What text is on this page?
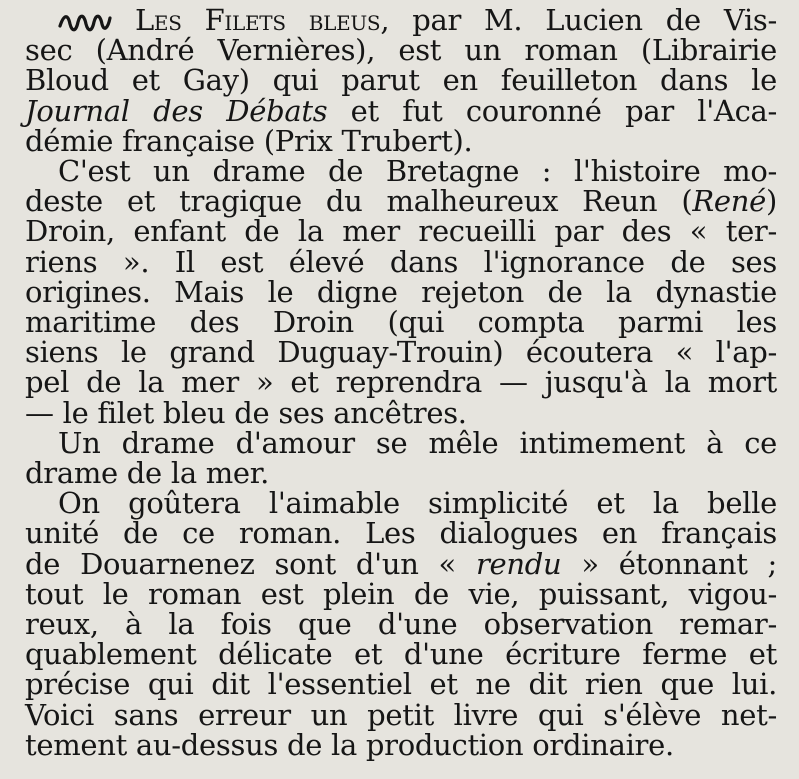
Les Filets bleus, par M. Lucien de Vis-
sec (André Vernières), est un roman (Librairie
Bloud et Gay) qui parut en feuilleton dans le
Journal des Débats et fut couronné par l'Aca-
démie française (Prix Trubert).
C'est un drame de Bretagne : l'histoire mo-
deste et tragique du malheureux Reun (René)
Droin, enfant de la mer recueilli par des « ter-
riens ». Il est élevé dans l'ignorance de ses
origines. Mais le digne rejeton de la dynastie
maritime des Droin (qui compta parmi les
siens le grand Duguay-Trouin) écoutera « l'ap-
pel de la mer » et reprendra — jusqu'à la mort
— le filet bleu de ses ancêtres.
Un drame d'amour se mêle intimement à ce
drame de la mer.
On goûtera l'aimable simplicité et la belle
unité de ce roman. Les dialogues en français
de Douarnenez sont d'un « rendu » étonnant ;
tout le roman est plein de vie, puissant, vigou-
reux, à la fois que d'une observation remar-
quablement délicate et d'une écriture ferme et
précise qui dit l'essentiel et ne dit rien que lui.
Voici sans erreur un petit livre qui s'élève net-
tement au-dessus de la production ordinaire.
